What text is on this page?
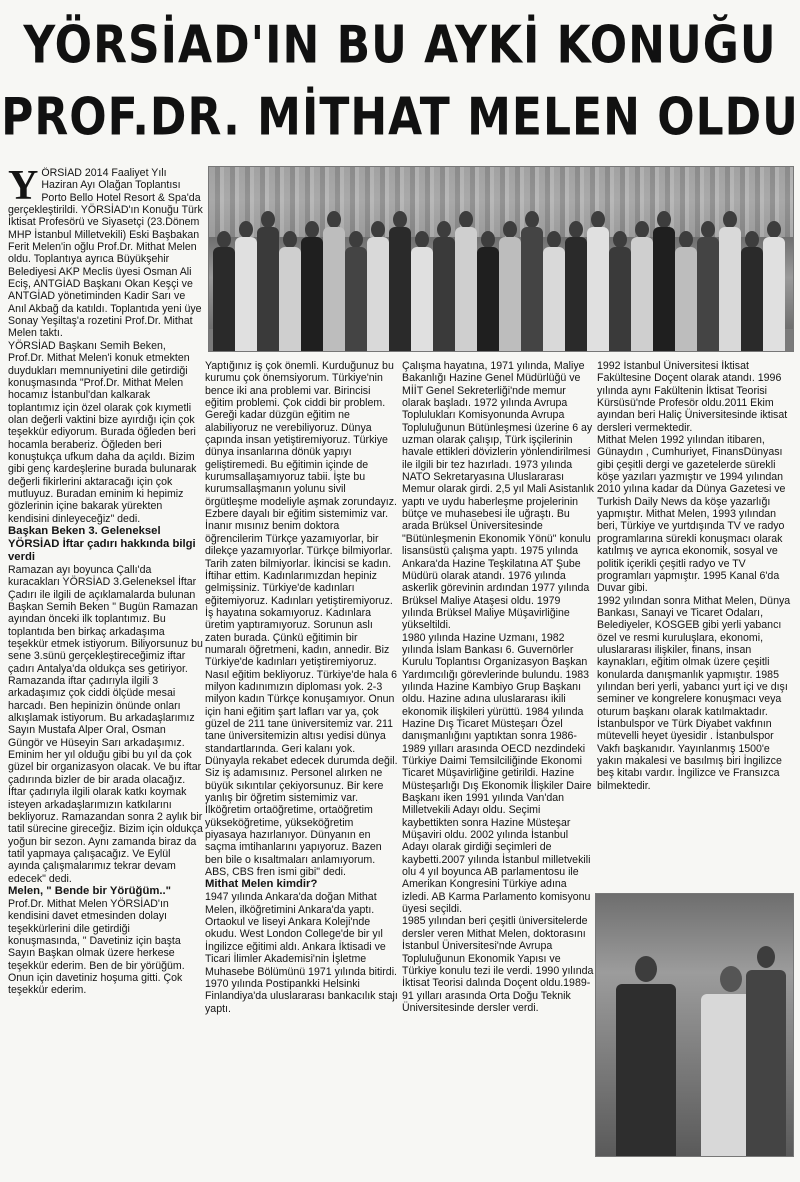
YÖRSİAD'IN BU AYKİ KONUĞU
PROF.DR. MİTHAT MELEN OLDU

YÖRSİAD 2014 Faaliyet Yılı Haziran Ayı Olağan Toplantısı Porto Bello Hotel Resort & Spa'da gerçekleştirildi. YÖRSİAD'ın Konuğu Türk İktisat Profesörü ve Siyasetçi (23.Dönem MHP İstanbul Milletvekili) Eski Başbakan Ferit Melen'in oğlu Prof.Dr. Mithat Melen oldu. Toplantıya ayrıca Büyükşehir Belediyesi AKP Meclis üyesi Osman Ali Eciş, ANTGİAD Başkanı Okan Keşçi ve ANTGİAD yönetiminden Kadir Sarı ve Anıl Akbağ da katıldı. Toplantıda yeni üye Sonay Yeşiltaş'a rozetini Prof.Dr. Mithat Melen taktı.

YÖRSİAD Başkanı Semih Beken, Prof.Dr. Mithat Melen'i konuk etmekten duydukları memnuniyetini dile getirdiği konuşmasında "Prof.Dr. Mithat Melen hocamız İstanbul'dan kalkarak toplantımız için özel olarak çok kıymetli olan değerli vaktini bize ayırdığı için çok teşekkür ediyorum. Burada öğleden beri hocamla beraberiz. Öğleden beri konuştukça ufkum daha da açıldı. Bizim gibi genç kardeşlerine burada bulunarak değerli fikirlerini aktaracağı için çok mutluyuz. Buradan eminim ki hepimiz gözlerinin içine bakarak yürekten kendisini dinleyeceğiz" dedi.

Başkan Beken 3. Geleneksel YÖRSİAD İftar çadırı hakkında bilgi verdi

Ramazan ayı boyunca Çallı'da kuracakları YÖRSİAD 3.Geleneksel İftar Çadırı ile ilgili de açıklamalarda bulunan Başkan Semih Beken " Bugün Ramazan ayından önceki ilk toplantımız. Bu toplantıda ben birkaç arkadaşıma teşekkür etmek istiyorum. Biliyorsunuz bu sene 3.sünü gerçekleştireceğimiz iftar çadırı Antalya'da oldukça ses getiriyor. Ramazanda iftar çadırıyla ilgili 3 arkadaşımız çok ciddi ölçüde mesai harcadı. Ben hepinizin önünde onları alkışlamak istiyorum. Bu arkadaşlarımız Sayın Mustafa Alper Oral, Osman Güngör ve Hüseyin Sarı arkadaşımız. Eminim her yıl olduğu gibi bu yıl da çok güzel bir organizasyon olacak. Ve bu iftar çadırında bizler de bir arada olacağız. İftar çadırıyla ilgili olarak katkı koymak isteyen arkadaşlarımızın katkılarını bekliyoruz. Ramazandan sonra 2 aylık bir tatil sürecine gireceğiz. Bizim için oldukça yoğun bir sezon. Aynı zamanda biraz da tatil yapmaya çalışacağız. Ve Eylül ayında çalışmalarımız tekrar devam edecek" dedi.

Melen, " Bende bir Yörüğüm.."

Prof.Dr. Mithat Melen YÖRSİAD'ın kendisini davet etmesinden dolayı teşekkürlerini dile getirdiği konuşmasında, " Davetiniz için başta Sayın Başkan olmak üzere herkese teşekkür ederim. Ben de bir yörüğüm. Onun için davetiniz hoşuma gitti. Çok teşekkür ederim.

Yaptığınız iş çok önemli. Kurduğunuz bu kurumu çok önemsiyorum. Türkiye'nin bence iki ana problemi var. Birincisi eğitim problemi. Çok ciddi bir problem. Gereği kadar düzgün eğitim ne alabiliyoruz ne verebiliyoruz. Dünya çapında insan yetiştiremiyoruz. Türkiye dünya insanlarına dönük yapıyı geliştiremedi. Bu eğitimin içinde de kurumsallaşamıyoruz tabii. İşte bu kurumsallaşmanın yolunu sivil örgütleşme modeliyle aşmak zorundayız. Ezbere dayalı bir eğitim sistemimiz var. İnanır mısınız benim doktora öğrencilerim Türkçe yazamıyorlar, bir dilekçe yazamıyorlar. Türkçe bilmiyorlar. Tarih zaten bilmiyorlar. İkincisi se kadın. İftihar ettim. Kadınlarımızdan hepiniz gelmişsiniz. Türkiye'de kadınları eğitemiyoruz. Kadınları yetiştiremiyoruz. İş hayatına sokamıyoruz. Kadınlara üretim yaptıramıyoruz. Sorunun aslı zaten burada. Çünkü eğitimin bir numaralı öğretmeni, kadın, annedir. Biz Türkiye'de kadınları yetiştiremiyoruz. Nasıl eğitim bekliyoruz. Türkiye'de hala 6 milyon kadınımızın diploması yok. 2-3 milyon kadın Türkçe konuşamıyor. Onun için hani eğitim şart lafları var ya, çok güzel de 211 tane üniversitemiz var. 211 tane üniversitemizin altısı yedisi dünya standartlarında. Geri kalanı yok. Dünyayla rekabet edecek durumda değil. Siz iş adamısınız. Personel alırken ne büyük sıkıntılar çekiyorsunuz. Bir kere yanlış bir öğretim sistemimiz var. İlköğretim ortaöğretime, ortaöğretim yükseköğretime, yükseköğretim piyasaya hazırlanıyor. Dünyanın en saçma imtihanlarını yapıyoruz. Bazen ben bile o kısaltmaları anlamıyorum. ABS, CBS fren ismi gibi" dedi.

Mithat Melen kimdir?

1947 yılında Ankara'da doğan Mithat Melen, ilköğretimini Ankara'da yaptı. Ortaokul ve liseyi Ankara Koleji'nde okudu. West London College'de bir yıl İngilizce eğitimi aldı. Ankara İktisadi ve Ticari İlimler Akademisi'nin İşletme Muhasebe Bölümünü 1971 yılında bitirdi. 1970 yılında Postipankki Helsinki Finlandiya'da uluslararası bankacılık stajı yaptı.

Çalışma hayatına, 1971 yılında, Maliye Bakanlığı Hazine Genel Müdürlüğü ve MİİT Genel Sekreterliği'nde memur olarak başladı. 1972 yılında Avrupa Toplulukları Komisyonunda Avrupa Topluluğunun Bütünleşmesi üzerine 6 ay uzman olarak çalışıp, Türk işçilerinin havale ettikleri dövizlerin yönlendirilmesi ile ilgili bir tez hazırladı. 1973 yılında NATO Sekretaryasına Uluslararası Memur olarak girdi. 2,5 yıl Mali Asistanlık yaptı ve uydu haberleşme projelerinin bütçe ve muhasebesi ile uğraştı. Bu arada Brüksel Üniversitesinde "Bütünleşmenin Ekonomik Yönü" konulu lisansüstü çalışma yaptı. 1975 yılında Ankara'da Hazine Teşkilatına AT Şube Müdürü olarak atandı. 1976 yılında askerlik görevinin ardından 1977 yılında Brüksel Maliye Ataşesi oldu. 1979 yılında Brüksel Maliye Müşavirliğine yükseltildi.

1980 yılında Hazine Uzmanı, 1982 yılında İslam Bankası 6. Guvernörler Kurulu Toplantısı Organizasyon Başkan Yardımcılığı görevlerinde bulundu. 1983 yılında Hazine Kambiyo Grup Başkanı oldu. Hazine adına uluslararası ikili ekonomik ilişkileri yürüttü. 1984 yılında Hazine Dış Ticaret Müsteşarı Özel danışmanlığını yaptıktan sonra 1986-1989 yılları arasında OECD nezdindeki Türkiye Daimi Temsilciliğinde Ekonomi Ticaret Müşavirliğine getirildi. Hazine Müsteşarlığı Dış Ekonomik İlişkiler Daire Başkanı iken 1991 yılında Van'dan Milletvekili Adayı oldu. Seçimi kaybettikten sonra Hazine Müsteşar Müşaviri oldu. 2002 yılında İstanbul Adayı olarak girdiği seçimleri de kaybetti.2007 yılında İstanbul milletvekili olu 4 yıl boyunca AB parlamentosu ile Amerikan Kongresini Türkiye adına izledi. AB Karma Parlamento komisyonu üyesi seçildi.

1985 yılından beri çeşitli üniversitelerde dersler veren Mithat Melen, doktorasını İstanbul Üniversitesi'nde Avrupa Topluluğunun Ekonomik Yapısı ve Türkiye konulu tezi ile verdi. 1990 yılında İktisat Teorisi dalında Doçent oldu.1989-91 yılları arasında Orta Doğu Teknik Üniversitesinde dersler verdi.

1992 İstanbul Üniversitesi İktisat Fakültesine Doçent olarak atandı. 1996 yılında aynı Fakültenin İktisat Teorisi Kürsüsü'nde Profesör oldu.2011 Ekim ayından beri Haliç Üniversitesinde iktisat dersleri vermektedir.

Mithat Melen 1992 yılından itibaren, Günaydın , Cumhuriyet, FinansDünyası gibi çeşitli dergi ve gazetelerde sürekli köşe yazıları yazmıştır ve 1994 yılından 2010 yılına kadar da Dünya Gazetesi ve Turkish Daily News da köşe yazarlığı yapmıştır. Mithat Melen, 1993 yılından beri, Türkiye ve yurtdışında TV ve radyo programlarına sürekli konuşmacı olarak katılmış ve ayrıca ekonomik, sosyal ve politik içerikli çeşitli radyo ve TV programları yapmıştır. 1995 Kanal 6'da Duvar gibi.

1992 yılından sonra Mithat Melen, Dünya Bankası, Sanayi ve Ticaret Odaları, Belediyeler, KOSGEB gibi yerli yabancı özel ve resmi kuruluşlara, ekonomi, uluslararası ilişkiler, finans, insan kaynakları, eğitim olmak üzere çeşitli konularda danışmanlık yapmıştır. 1985 yılından beri yerli, yabancı yurt içi ve dışı seminer ve kongrelere konuşmacı veya oturum başkanı olarak katılmaktadır. İstanbulspor ve Türk Diyabet vakfının mütevelli heyet üyesidir . İstanbulspor Vakfı başkanıdır. Yayınlanmış 1500'e yakın makalesi ve basılmış biri İngilizce beş kitabı vardır. İngilizce ve Fransızca bilmektedir.
